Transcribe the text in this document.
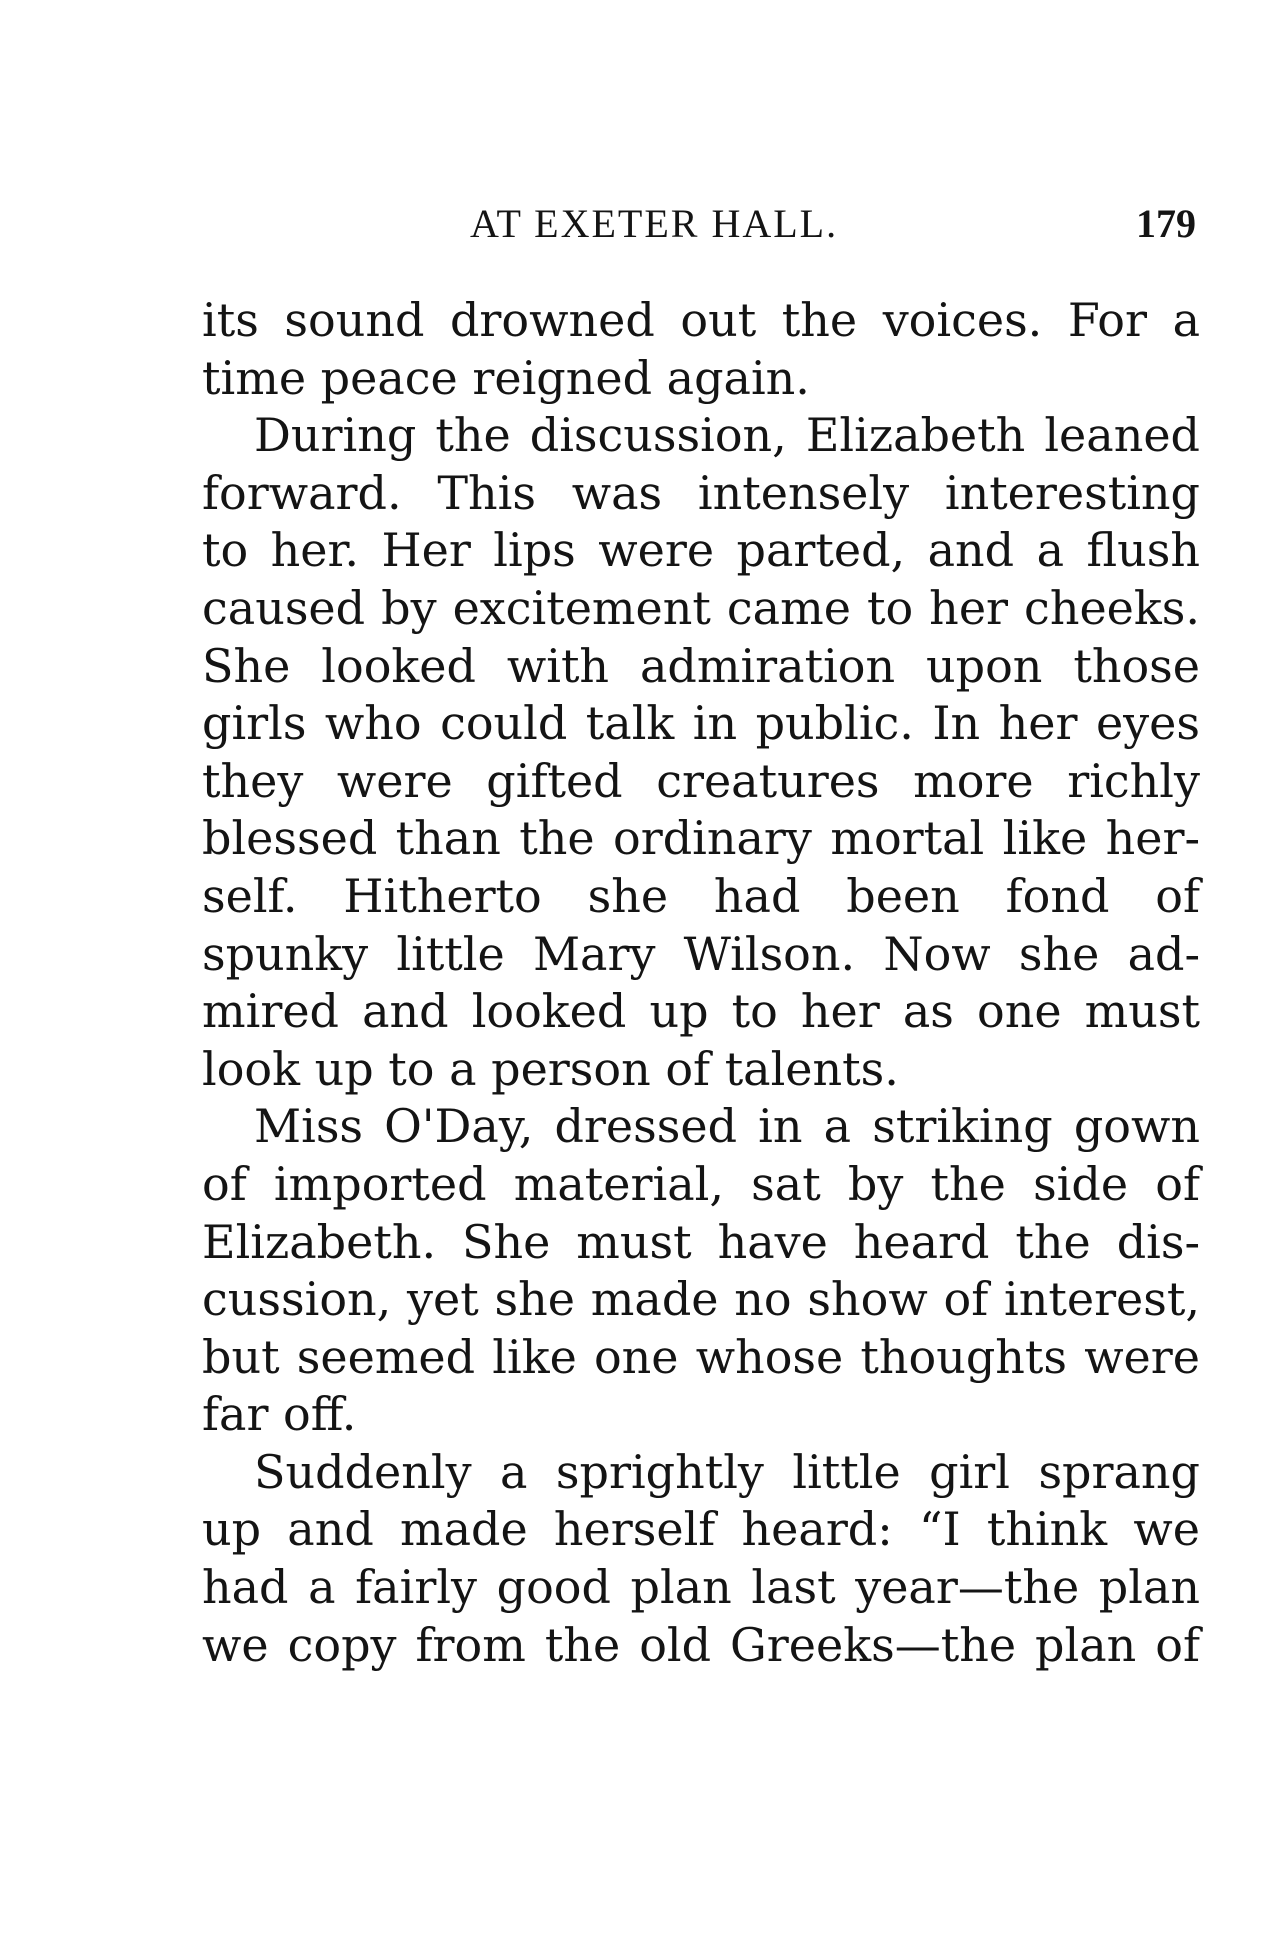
AT EXETER HALL.	179
its sound drowned out the voices. For a
time peace reigned again.
During the discussion, Elizabeth leaned
forward. This was intensely interesting
to her. Her lips were parted, and a flush
caused by excitement came to her cheeks.
She looked with admiration upon those
girls who could talk in public. In her eyes
they were gifted creatures more richly
blessed than the ordinary mortal like her-
self. Hitherto she had been fond of
spunky little Mary Wilson. Now she ad-
mired and looked up to her as one must
look up to a person of talents.
Miss O'Day, dressed in a striking gown
of imported material, sat by the side of
Elizabeth. She must have heard the dis-
cussion, yet she made no show of interest,
but seemed like one whose thoughts were
far off.
Suddenly a sprightly little girl sprang
up and made herself heard: “I think we
had a fairly good plan last year—the plan
we copy from the old Greeks—the plan of
